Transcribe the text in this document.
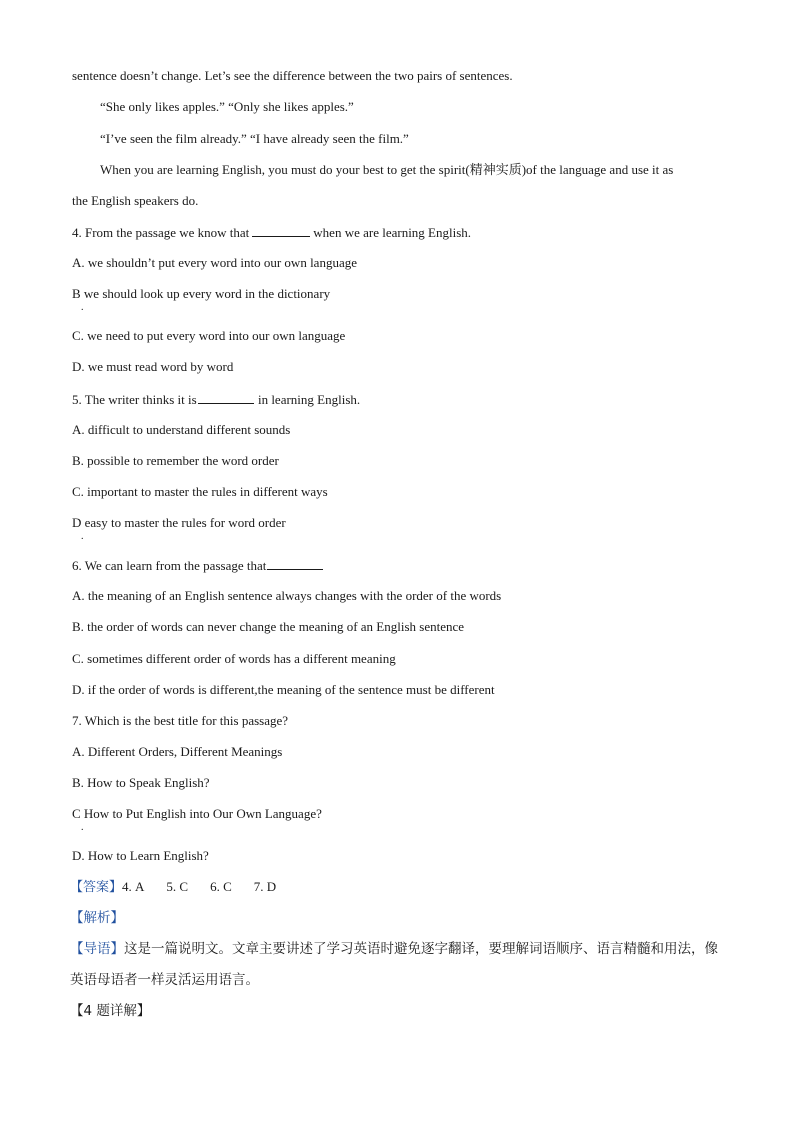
sentence doesn’t change. Let’s see the difference between the two pairs of sentences.
“She only likes apples.” “Only she likes apples.”
“I’ve seen the film already.” “I have already seen the film.”
When you are learning English, you must do your best to get the spirit(精神实质)of the language and use it as
the English speakers do.
4. From the passage we know that	when we are learning English.
A. we shouldn’t put every word into our own language
B we should look up every word in the dictionary
.
C. we need to put every word into our own language
D. we must read word by word
5. The writer thinks it is	in learning English.
A. difficult to understand different sounds
B. possible to remember the word order
C. important to master the rules in different ways
D easy to master the rules for word order
.
6. We can learn from the passage that
A. the meaning of an English sentence always changes with the order of the words
B. the order of words can never change the meaning of an English sentence
C. sometimes different order of words has a different meaning
D. if the order of words is different,the meaning of the sentence must be different
7. Which is the best title for this passage?
A. Different Orders, Different Meanings
B. How to Speak English?
C How to Put English into Our Own Language?
.
D. How to Learn English?
【答案】4. A 5. C 6. C 7. D
【解析】
【导语】这是一篇说明文。文章主要讲述了学习英语时避免逐字翻译，要理解词语顺序、语言精髓和用法，像英语母语者一样灵活运用语言。
【4 题详解】
